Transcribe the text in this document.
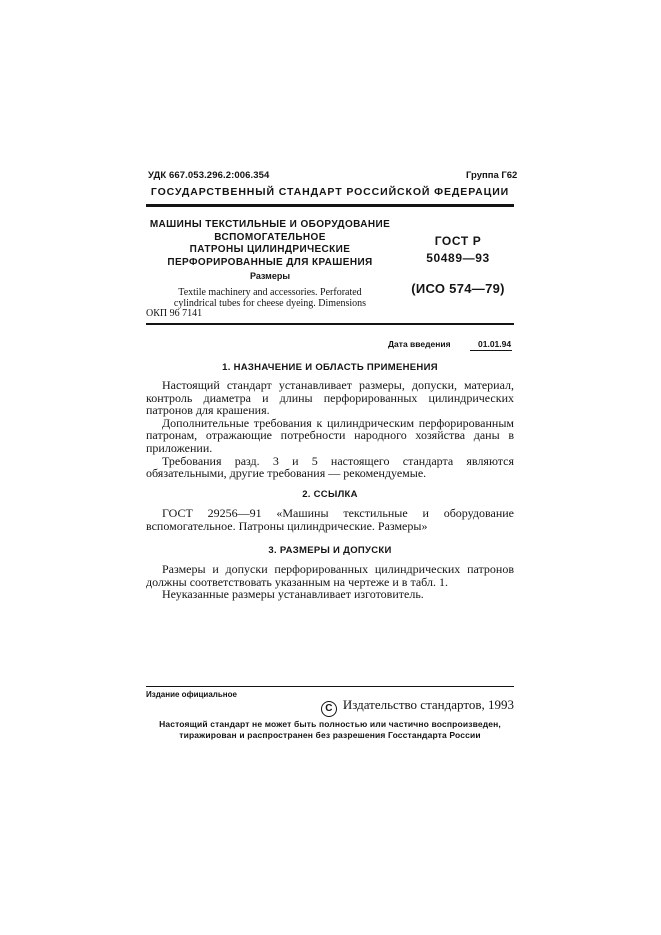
УДК 667.053.296.2:006.354	Группа Г62
ГОСУДАРСТВЕННЫЙ СТАНДАРТ РОССИЙСКОЙ ФЕДЕРАЦИИ
МАШИНЫ ТЕКСТИЛЬНЫЕ И ОБОРУДОВАНИЕ
ВСПОМОГАТЕЛЬНОЕ
ПАТРОНЫ ЦИЛИНДРИЧЕСКИЕ
ПЕРФОРИРОВАННЫЕ ДЛЯ КРАШЕНИЯ
Размеры
Textile machinery and accessories. Perforated
cylindrical tubes for cheese dyeing. Dimensions
ОКП 96 7141
ГОСТ Р
50489—93
(ИСО 574—79)
Дата введения	01.01.94
1. НАЗНАЧЕНИЕ И ОБЛАСТЬ ПРИМЕНЕНИЯ

Настоящий стандарт устанавливает размеры, допуски, материал, контроль диаметра и длины перфорированных цилиндрических патронов для крашения.

Дополнительные требования к цилиндрическим перфорированным патронам, отражающие потребности народного хозяйства даны в приложении.

Требования разд. 3 и 5 настоящего стандарта являются обязательными, другие требования — рекомендуемые.

2. ССЫЛКА

ГОСТ 29256—91 «Машины текстильные и оборудование вспомогательное. Патроны цилиндрические. Размеры»

3. РАЗМЕРЫ И ДОПУСКИ

Размеры и допуски перфорированных цилиндрических патронов должны соответствовать указанным на чертеже и в табл. 1.

Неуказанные размеры устанавливает изготовитель.

Издание официальное
C Издательство стандартов, 1993
Настоящий стандарт не может быть полностью или частично воспроизведен,
тиражирован и распространен без разрешения Госстандарта России
